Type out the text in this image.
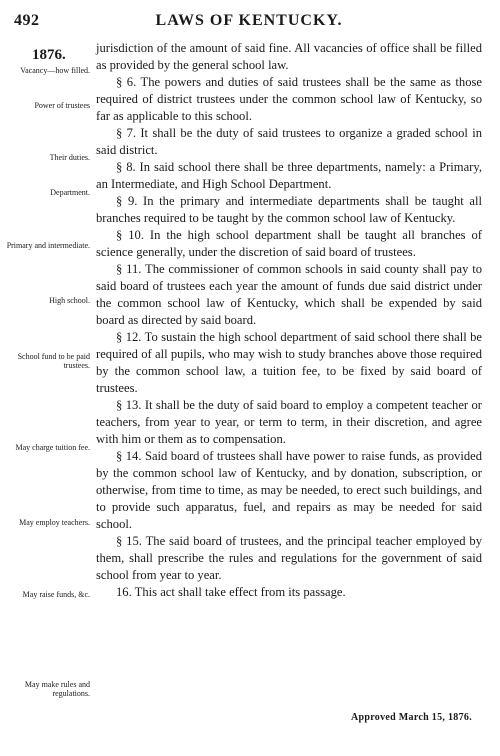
492	LAWS OF KENTUCKY.
1876.
Vacancy—how filled.
Power of trustees
Their duties.
Department.
Primary and intermediate.
High school.
School fund to be paid trustees.
May charge tuition fee.
May employ teachers.
May raise funds, &c.
May make rules and regulations.

jurisdiction of the amount of said fine. All vacancies of office shall be filled as provided by the general school law.

§ 6. The powers and duties of said trustees shall be the same as those required of district trustees under the common school law of Kentucky, so far as applicable to this school.

§ 7. It shall be the duty of said trustees to organize a graded school in said district.

§ 8. In said school there shall be three departments, namely: a Primary, an Intermediate, and High School Department.

§ 9. In the primary and intermediate departments shall be taught all branches required to be taught by the common school law of Kentucky.

§ 10. In the high school department shall be taught all branches of science generally, under the discretion of said board of trustees.

§ 11. The commissioner of common schools in said county shall pay to said board of trustees each year the amount of funds due said district under the common school law of Kentucky, which shall be expended by said board as directed by said board.

§ 12. To sustain the high school department of said school there shall be required of all pupils, who may wish to study branches above those required by the common school law, a tuition fee, to be fixed by said board of trustees.

§ 13. It shall be the duty of said board to employ a competent teacher or teachers, from year to year, or term to term, in their discretion, and agree with him or them as to compensation.

§ 14. Said board of trustees shall have power to raise funds, as provided by the common school law of Kentucky, and by donation, subscription, or otherwise, from time to time, as may be needed, to erect such buildings, and to provide such apparatus, fuel, and repairs as may be needed for said school.

§ 15. The said board of trustees, and the principal teacher employed by them, shall prescribe the rules and regulations for the government of said school from year to year.

16. This act shall take effect from its passage.

Approved March 15, 1876.
